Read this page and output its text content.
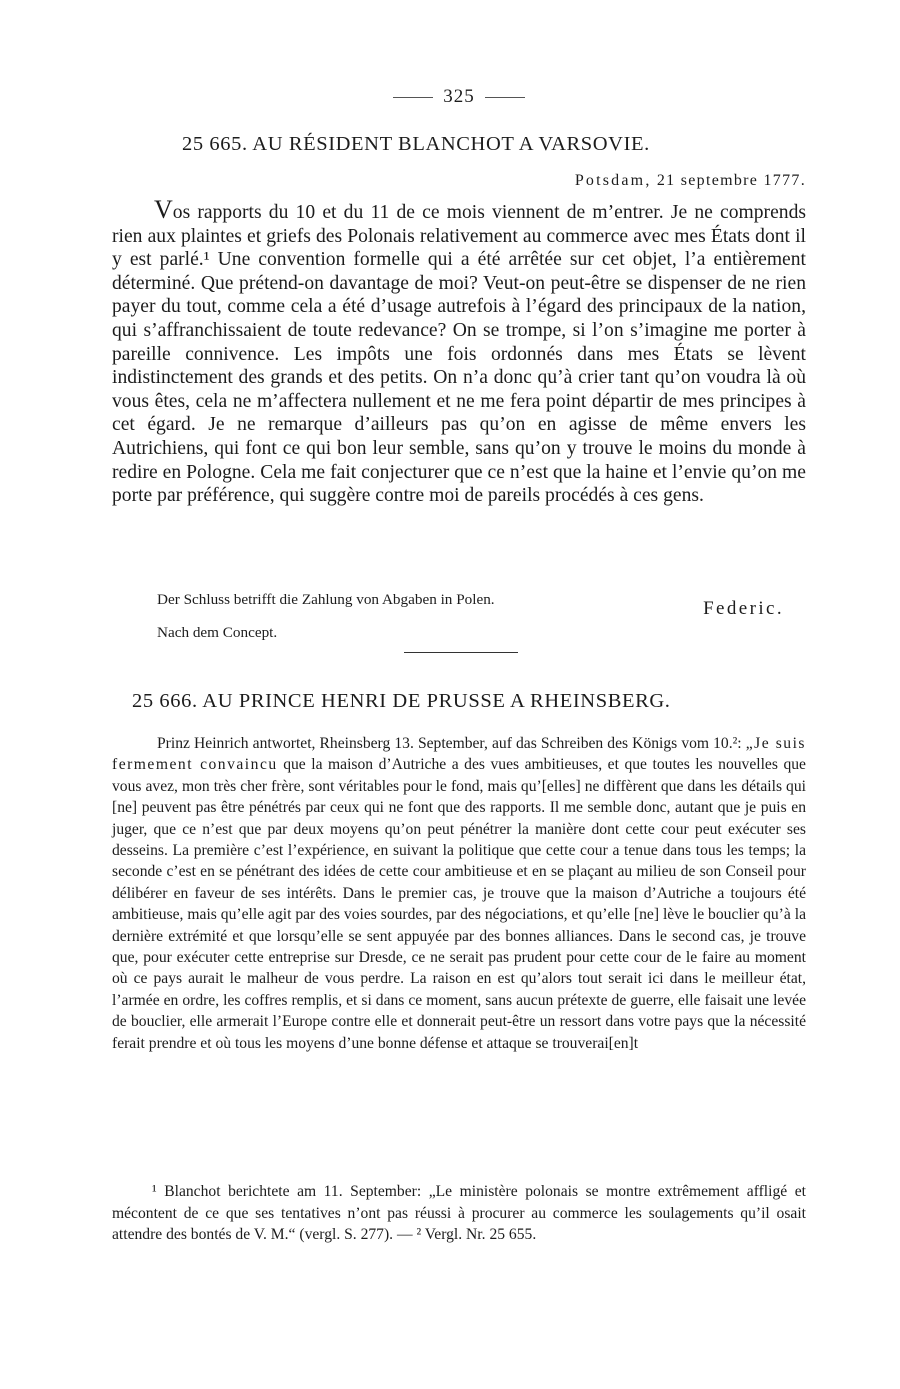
325
25 665. AU RÉSIDENT BLANCHOT A VARSOVIE.
Potsdam, 21 septembre 1777.

Vos rapports du 10 et du 11 de ce mois viennent de m’entrer. Je ne comprends rien aux plaintes et griefs des Polonais relativement au commerce avec mes États dont il y est parlé.¹ Une convention formelle qui a été arrêtée sur cet objet, l’a entièrement déterminé. Que prétend-on davantage de moi? Veut-on peut-être se dispenser de ne rien payer du tout, comme cela a été d’usage autrefois à l’égard des principaux de la nation, qui s’affranchissaient de toute redevance? On se trompe, si l’on s’imagine me porter à pareille connivence. Les impôts une fois ordonnés dans mes États se lèvent indistinctement des grands et des petits. On n’a donc qu’à crier tant qu’on voudra là où vous êtes, cela ne m’affectera nullement et ne me fera point départir de mes principes à cet égard. Je ne remarque d’ailleurs pas qu’on en agisse de même envers les Autrichiens, qui font ce qui bon leur semble, sans qu’on y trouve le moins du monde à redire en Pologne. Cela me fait conjecturer que ce n’est que la haine et l’envie qu’on me porte par préférence, qui suggère contre moi de pareils procédés à ces gens.

Der Schluss betrifft die Zahlung von Abgaben in Polen.	Federic.
Nach dem Concept.
25 666. AU PRINCE HENRI DE PRUSSE A RHEINSBERG.

Prinz Heinrich antwortet, Rheinsberg 13. September, auf das Schreiben des Königs vom 10.²: „Je suis fermement convaincu que la maison d’Autriche a des vues ambitieuses, et que toutes les nouvelles que vous avez, mon très cher frère, sont véritables pour le fond, mais qu’[elles] ne diffèrent que dans les détails qui [ne] peuvent pas être pénétrés par ceux qui ne font que des rapports. Il me semble donc, autant que je puis en juger, que ce n’est que par deux moyens qu’on peut pénétrer la manière dont cette cour peut exécuter ses desseins. La première c’est l’expérience, en suivant la politique que cette cour a tenue dans tous les temps; la seconde c’est en se pénétrant des idées de cette cour ambitieuse et en se plaçant au milieu de son Conseil pour délibérer en faveur de ses intérêts. Dans le premier cas, je trouve que la maison d’Autriche a toujours été ambitieuse, mais qu’elle agit par des voies sourdes, par des négociations, et qu’elle [ne] lève le bouclier qu’à la dernière extrémité et que lorsqu’elle se sent appuyée par des bonnes alliances. Dans le second cas, je trouve que, pour exécuter cette entreprise sur Dresde, ce ne serait pas prudent pour cette cour de le faire au moment où ce pays aurait le malheur de vous perdre. La raison en est qu’alors tout serait ici dans le meilleur état, l’armée en ordre, les coffres remplis, et si dans ce moment, sans aucun prétexte de guerre, elle faisait une levée de bouclier, elle armerait l’Europe contre elle et donnerait peut-être un ressort dans votre pays que la nécessité ferait prendre et où tous les moyens d’une bonne défense et attaque se trouverai[en]t

¹ Blanchot berichtete am 11. September: „Le ministère polonais se montre extrêmement affligé et mécontent de ce que ses tentatives n’ont pas réussi à procurer au commerce les soulagements qu’il osait attendre des bontés de V. M.“ (vergl. S. 277). — ² Vergl. Nr. 25 655.
